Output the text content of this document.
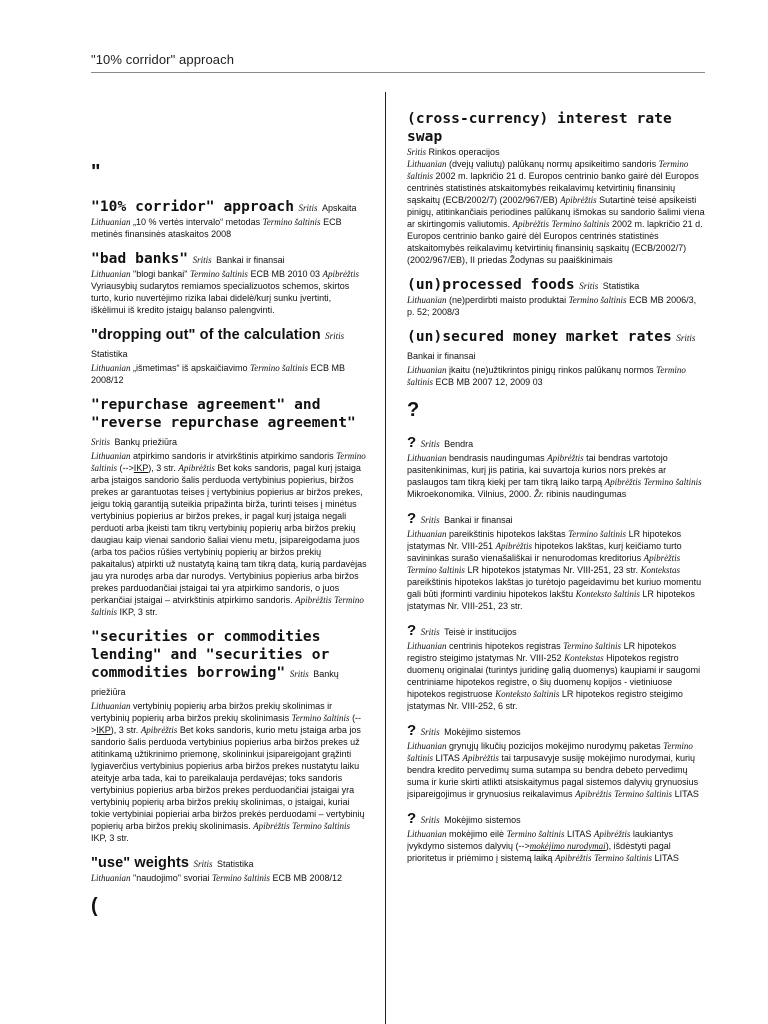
"10% corridor" approach
"
"10% corridor" approach Sritis Apskaita
Lithuanian „10 % vertės intervalo“ metodas Termino šaltinis ECB metinės finansinės ataskaitos 2008
"bad banks" Sritis Bankai ir finansai
Lithuanian "blogi bankai" Termino šaltinis ECB MB 2010 03 Apibrėžtis Vyriausybių sudarytos remiamos specializuotos schemos, skirtos turto, kurio nuvertėjimo rizika labai didelė/kurį sunku įvertinti, iškėlimui iš kredito įstaigų balanso palengvinti.
"dropping out" of the calculation Sritis Statistika
Lithuanian „išmetimas“ iš apskaičiavimo Termino šaltinis ECB MB 2008/12
"repurchase agreement" and "reverse repurchase agreement" Sritis Bankų priežiūra
Lithuanian atpirkimo sandoris ir atvirkštinis atpirkimo sandoris Termino šaltinis (-->IKP), 3 str. Apibrėžtis Bet koks sandoris, pagal kurį įstaiga arba įstaigos sandorio šalis perduoda vertybinius popierius, biržos prekes ar garantuotas teises į vertybinius popierius ar biržos prekes, jeigu tokią garantiją suteikia pripažinta birža, turinti teises į minėtus vertybinius popierius ar biržos prekes, ir pagal kurį įstaiga negali perduoti arba įkeisti tam tikrų vertybinių popierių arba biržos prekių daugiau kaip vienai sandorio šaliai vienu metu, įsipareigodama juos (arba tos pačios rūšies vertybinių popierių ar biržos prekių pakaitalus) atpirkti už nustatytą kainą tam tikrą datą, kurią pardavėjas jau yra nurodęs arba dar nurodys. Vertybinius popierius arba biržos prekes parduodančiai įstaigai tai yra atpirkimo sandoris, o juos perkančiai įstaigai – atvirkštinis atpirkimo sandoris. Apibrėžtis Termino šaltinis IKP, 3 str.
"securities or commodities lending" and "securities or commodities borrowing" Sritis Bankų priežiūra
Lithuanian vertybinių popierių arba biržos prekių skolinimas ir vertybinių popierių arba biržos prekių skolinimasis Termino šaltinis (-->IKP), 3 str. Apibrėžtis Bet koks sandoris, kurio metu įstaiga arba jos sandorio šalis perduoda vertybinius popierius arba biržos prekes už atitinkamą užtikrinimo priemonę, skolininkui įsipareigojant grąžinti lygiaverčius vertybinius popierius arba biržos prekes nustatytu laiku ateityje arba tada, kai to pareikalauja perdavėjas; toks sandoris vertybinius popierius arba biržos prekes perduodančiai įstaigai yra vertybinių popierių arba biržos prekių skolinimas, o įstaigai, kuriai tokie vertybiniai popieriai arba biržos prekės perduodami – vertybinių popierių arba biržos prekių skolinimasis. Apibrėžtis Termino šaltinis IKP, 3 str.
"use" weights Sritis Statistika
Lithuanian "naudojimo" svoriai Termino šaltinis ECB MB 2008/12
(
(cross-currency) interest rate swap
Sritis Rinkos operacijos
Lithuanian (dvejų valiutų) palūkanų normų apsikeitimo sandoris Termino šaltinis 2002 m. lapkričio 21 d. Europos centrinio banko gairė dėl Europos centrinės statistinės atskaitomybės reikalavimų ketvirtinių finansinių sąskaitų (ECB/2002/7) (2002/967/EB) Apibrėžtis Sutartinė teisė apsikeisti pinigų, atitinkančiais periodines palūkanų išmokas su sandorio šalimi viena ar skirtingomis valiutomis. Apibrėžtis Termino šaltinis 2002 m. lapkričio 21 d. Europos centrinio banko gairė dėl Europos centrinės statistinės atskaitomybės reikalavimų ketvirtinių finansinių sąskaitų (ECB/2002/7) (2002/967/EB), II priedas Žodynas su paaiškinimais
(un)processed foods Sritis Statistika
Lithuanian (ne)perdirbti maisto produktai Termino šaltinis ECB MB 2006/3, p. 52; 2008/3
(un)secured money market rates Sritis Bankai ir finansai
Lithuanian įkaitu (ne)užtikrintos pinigų rinkos palūkanų normos Termino šaltinis ECB MB 2007 12, 2009 03
?
? Sritis Bendra
Lithuanian bendrasis naudingumas Apibrėžtis tai bendras vartotojo pasitenkinimas, kurį jis patiria, kai suvartoja kurios nors prekės ar paslaugos tam tikrą kiekį per tam tikrą laiko tarpą Apibrėžtis Termino šaltinis Mikroekonomika. Vilnius, 2000. Žr. ribinis naudingumas
? Sritis Bankai ir finansai
Lithuanian pareikštinis hipotekos lakštas Termino šaltinis LR hipotekos įstatymas Nr. VIII-251 Apibrėžtis hipotekos lakštas, kurį keičiamo turto savininkas surašo vienašališkai ir nenurodomas kreditorius Apibrėžtis Termino šaltinis LR hipotekos įstatymas Nr. VIII-251, 23 str. Kontekstas pareikštinis hipotekos lakštas jo turėtojo pageidavimu bet kuriuo momentu gali būti įforminti vardiniu hipotekos lakštu Konteksto šaltinis LR hipotekos įstatymas Nr. VIII-251, 23 str.
? Sritis Teisė ir institucijos
Lithuanian centrinis hipotekos registras Termino šaltinis LR hipotekos registro steigimo įstatymas Nr. VIII-252 Kontekstas Hipotekos registro duomenų originalai (turintys juridinę galią duomenys) kaupiami ir saugomi centriniame hipotekos registre, o šių duomenų kopijos - vietiniuose hipotekos registruose Konteksto šaltinis LR hipotekos registro steigimo įstatymas Nr. VIII-252, 6 str.
? Sritis Mokėjimo sistemos
Lithuanian grynųjų likučių pozicijos mokėjimo nurodymų paketas Termino šaltinis LITAS Apibrėžtis tai tarpusavyje susiję mokėjimo nurodymai, kurių bendra kredito pervedimų suma sutampa su bendra debeto pervedimų suma ir kurie skirti atlikti atsiskaitymus pagal sistemos dalyvių grynuosius įsipareigojimus ir grynuosius reikalavimus Apibrėžtis Termino šaltinis LITAS
? Sritis Mokėjimo sistemos
Lithuanian mokėjimo eilė Termino šaltinis LITAS Apibrėžtis laukiantys įvykdymo sistemos dalyvių (-->mokėjimo nurodymai), išdėstyti pagal prioritetus ir priėmimo į sistemą laiką Apibrėžtis Termino šaltinis LITAS
